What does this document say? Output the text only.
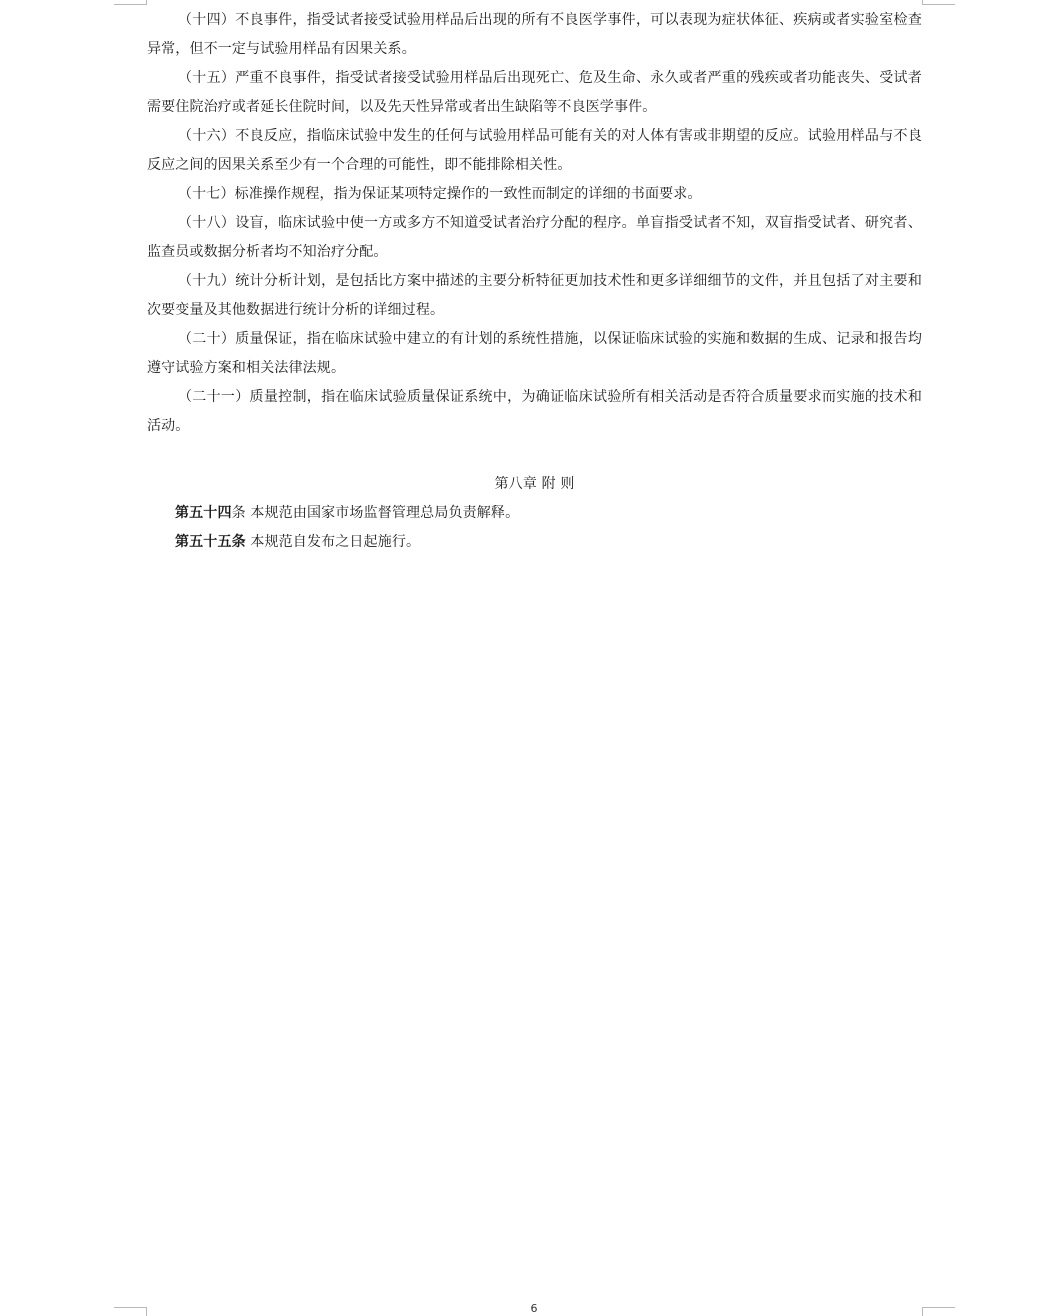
（十四）不良事件，指受试者接受试验用样品后出现的所有不良医学事件，可以表现为症状体征、疾病或者实验室检查异常，但不一定与试验用样品有因果关系。

（十五）严重不良事件，指受试者接受试验用样品后出现死亡、危及生命、永久或者严重的残疾或者功能丧失、受试者需要住院治疗或者延长住院时间，以及先天性异常或者出生缺陷等不良医学事件。

（十六）不良反应，指临床试验中发生的任何与试验用样品可能有关的对人体有害或非期望的反应。试验用样品与不良反应之间的因果关系至少有一个合理的可能性，即不能排除相关性。

（十七）标准操作规程，指为保证某项特定操作的一致性而制定的详细的书面要求。

（十八）设盲，临床试验中使一方或多方不知道受试者治疗分配的程序。单盲指受试者不知，双盲指受试者、研究者、监查员或数据分析者均不知治疗分配。

（十九）统计分析计划，是包括比方案中描述的主要分析特征更加技术性和更多详细细节的文件，并且包括了对主要和次要变量及其他数据进行统计分析的详细过程。

（二十）质量保证，指在临床试验中建立的有计划的系统性措施，以保证临床试验的实施和数据的生成、记录和报告均遵守试验方案和相关法律法规。

（二十一）质量控制，指在临床试验质量保证系统中，为确证临床试验所有相关活动是否符合质量要求而实施的技术和活动。

第八章 附 则

第五十四条 本规范由国家市场监督管理总局负责解释。

第五十五条 本规范自发布之日起施行。

6
